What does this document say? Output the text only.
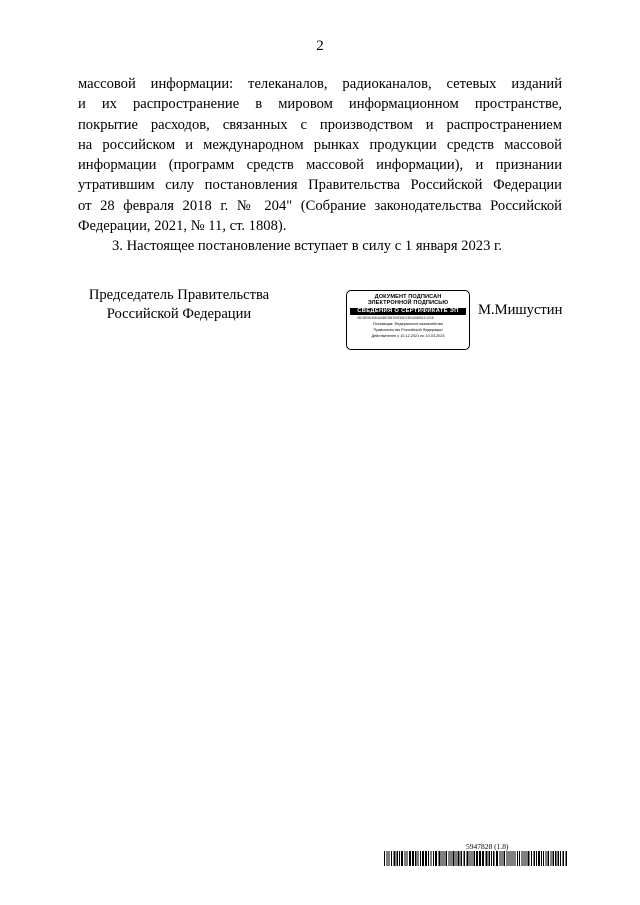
2
массовой информации: телеканалов, радиоканалов, сетевых изданий
и их распространение в мировом информационном пространстве,
покрытие расходов, связанных с производством и распространением
на российском и международном рынках продукции средств массовой
информации (программ средств массовой информации), и признании
утратившим силу постановления Правительства Российской Федерации
от 28 февраля 2018 г. № 204" (Собрание законодательства Российской
Федерации, 2021, № 11, ст. 1808).
3. Настоящее постановление вступает в силу с 1 января 2023 г.
Председатель Правительства
Российской Федерации
ДОКУМЕНТ ПОДПИСАН
ЭЛЕКТРОННОЙ ПОДПИСЬЮ
СВЕДЕНИЯ О СЕРТИФИКАТЕ ЭП
4DC8E5D45D4A0BE386760E81E33E44488519-2018
Поставщик: Федеральное казначейство
Правительство Российской Федерации
Действителен с 10.12.2021 по 10.03.2023
М.Мишустин
5947828 (1.8)
